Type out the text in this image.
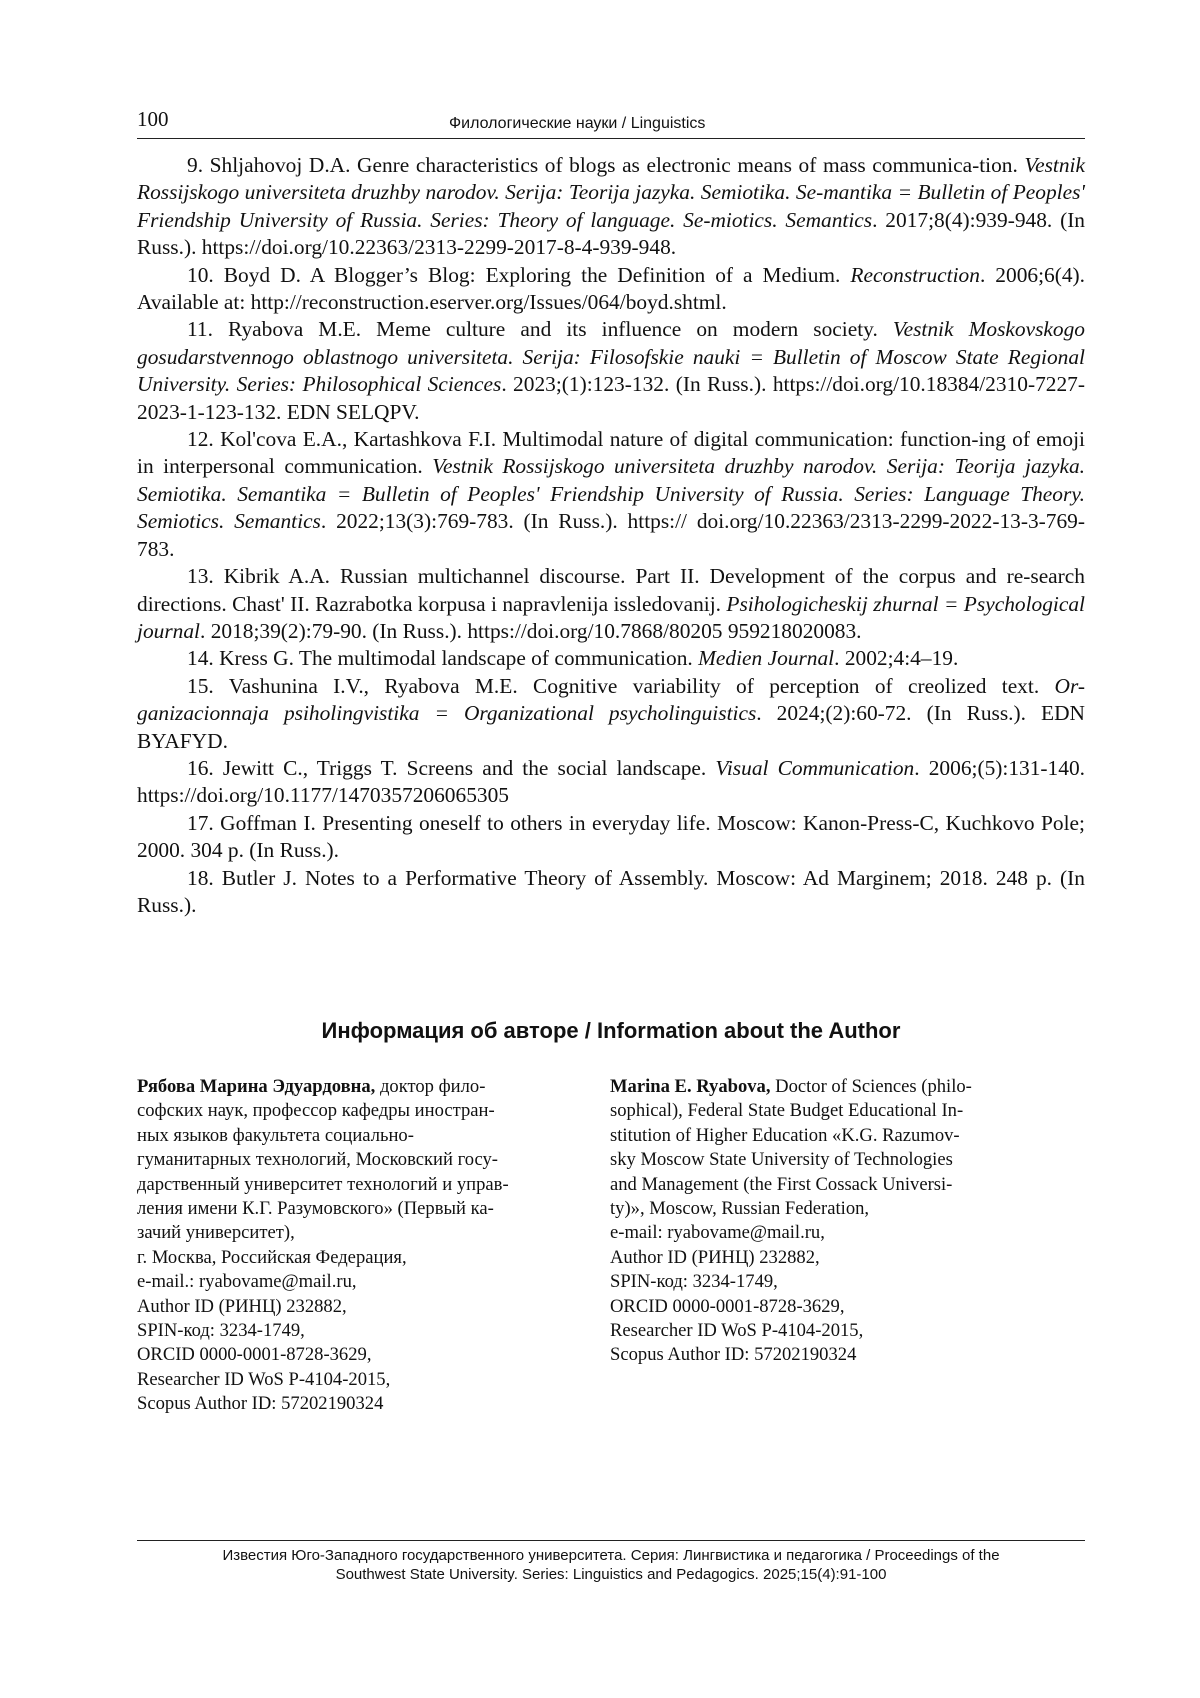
100	Филологические науки / Linguistics

9. Shljahovoj D.A. Genre characteristics of blogs as electronic means of mass communica-tion. Vestnik Rossijskogo universiteta druzhby narodov. Serija: Teorija jazyka. Semiotika. Se-mantika = Bulletin of Peoples' Friendship University of Russia. Series: Theory of language. Se-miotics. Semantics. 2017;8(4):939-948. (In Russ.). https://doi.org/10.22363/2313-2299-2017-8-4-939-948.

10. Boyd D. A Blogger’s Blog: Exploring the Definition of a Medium. Reconstruction. 2006;6(4). Available at: http://reconstruction.eserver.org/Issues/064/boyd.shtml.

11. Ryabova M.E. Meme culture and its influence on modern society. Vestnik Moskovskogo gosudarstvennogo oblastnogo universiteta. Serija: Filosofskie nauki = Bulletin of Moscow State Regional University. Series: Philosophical Sciences. 2023;(1):123-132. (In Russ.). https://doi.org/10.18384/2310-7227-2023-1-123-132. EDN SELQPV.

12. Kol'cova E.A., Kartashkova F.I. Multimodal nature of digital communication: function-ing of emoji in interpersonal communication. Vestnik Rossijskogo universiteta druzhby narodov. Serija: Teorija jazyka. Semiotika. Semantika = Bulletin of Peoples' Friendship University of Russia. Series: Language Theory. Semiotics. Semantics. 2022;13(3):769-783. (In Russ.). https:// doi.org/10.22363/2313-2299-2022-13-3-769-783.

13. Kibrik A.A. Russian multichannel discourse. Part II. Development of the corpus and re-search directions. Chast' II. Razrabotka korpusa i napravlenija issledovanij. Psihologicheskij zhurnal = Psychological journal. 2018;39(2):79-90. (In Russ.). https://doi.org/10.7868/80205 959218020083.

14. Kress G. The multimodal landscape of communication. Medien Journal. 2002;4:4–19.

15. Vashunina I.V., Ryabova M.E. Cognitive variability of perception of creolized text. Or-ganizacionnaja psiholingvistika = Organizational psycholinguistics. 2024;(2):60-72. (In Russ.). EDN BYAFYD.

16. Jewitt C., Triggs T. Screens and the social landscape. Visual Communication. 2006;(5):131-140. https://doi.org/10.1177/1470357206065305

17. Goffman I. Presenting oneself to others in everyday life. Moscow: Kanon-Press-C, Kuchkovo Pole; 2000. 304 p. (In Russ.).

18. Butler J. Notes to a Performative Theory of Assembly. Moscow: Ad Marginem; 2018. 248 p. (In Russ.).

Информация об авторе / Information about the Author
Рябова Марина Эдуардовна, доктор фило-
софских наук, профессор кафедры иностран-
ных языков факультета социально-
гуманитарных технологий, Московский госу-
дарственный университет технологий и управ-
ления имени К.Г. Разумовского» (Первый ка-
зачий университет),
г. Москва, Российская Федерация,
e-mail.: ryabovame@mail.ru,
Author ID (РИНЦ) 232882,
SPIN-код: 3234-1749,
ORCID 0000-0001-8728-3629,
Researcher ID WoS P-4104-2015,
Scopus Author ID: 57202190324
Marina E. Ryabova, Doctor of Sciences (philo-
sophical), Federal State Budget Educational In-
stitution of Higher Education «K.G. Razumov-
sky Moscow State University of Technologies
and Management (the First Cossack Universi-
ty)», Moscow, Russian Federation,
e-mail: ryabovame@mail.ru,
Author ID (РИНЦ) 232882,
SPIN-код: 3234-1749,
ORCID 0000-0001-8728-3629,
Researcher ID WoS P-4104-2015,
Scopus Author ID: 57202190324
Известия Юго-Западного государственного университета. Серия: Лингвистика и педагогика / Proceedings of the
Southwest State University. Series: Linguistics and Pedagogics. 2025;15(4):91-100
